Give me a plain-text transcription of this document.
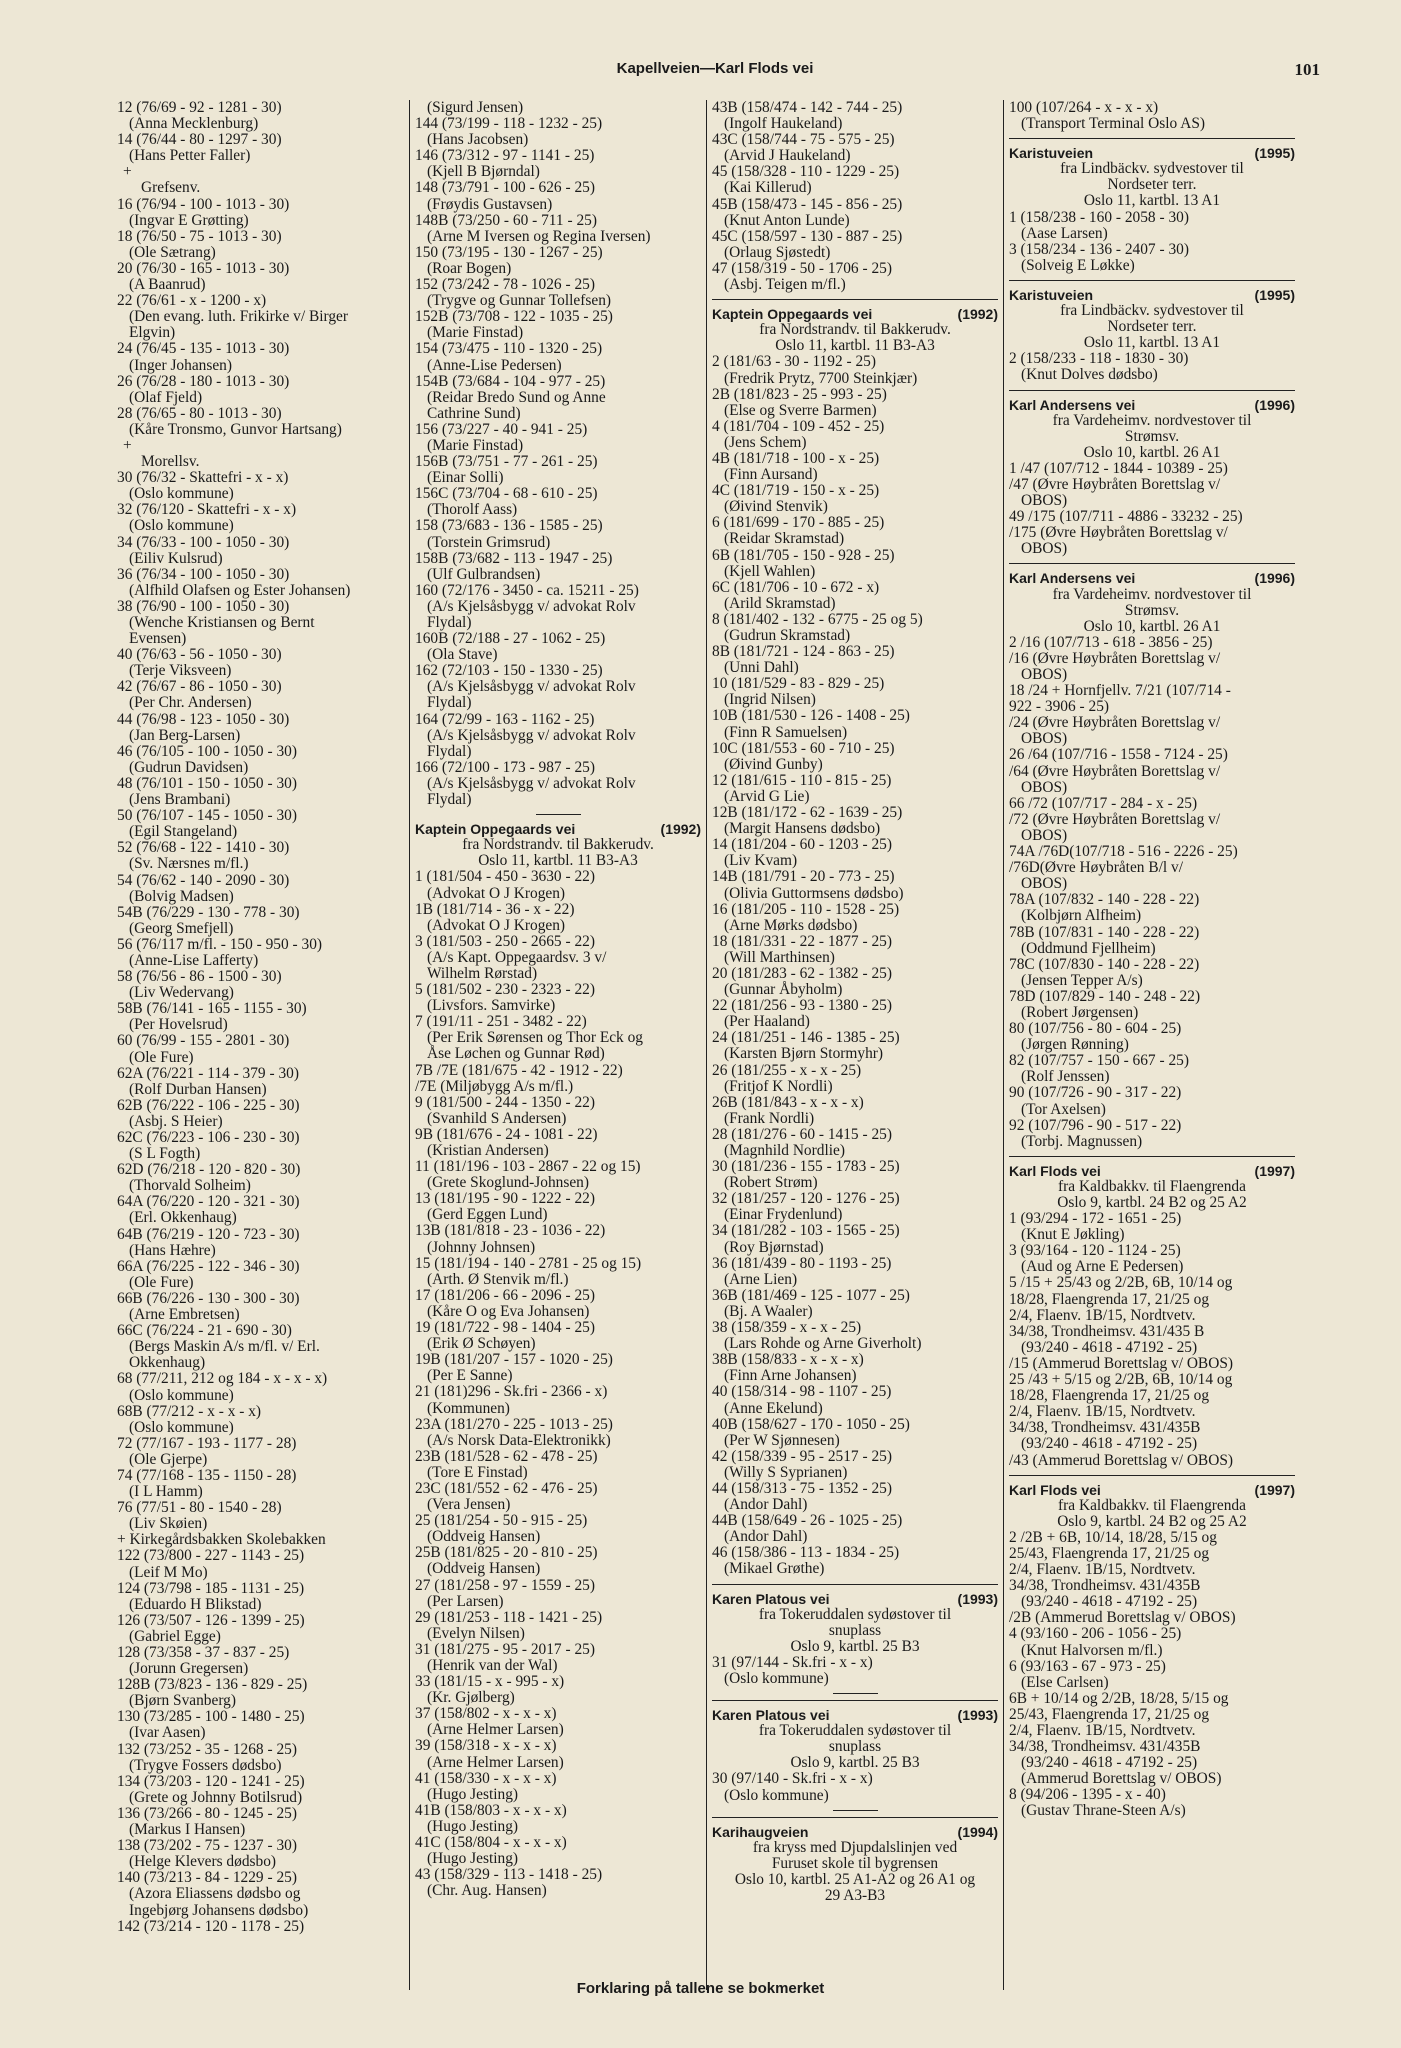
Kapellveien—Karl Flods vei	101
12 (76/69 - 92 - 1281 - 30)
(Anna Mecklenburg)
14 (76/44 - 80 - 1297 - 30)
(Hans Petter Faller)
+
Grefsenv.
16 (76/94 - 100 - 1013 - 30)
(Ingvar E Grøtting)
18 (76/50 - 75 - 1013 - 30)
(Ole Sætrang)
20 (76/30 - 165 - 1013 - 30)
(A Baanrud)
22 (76/61 - x - 1200 - x)
(Den evang. luth. Frikirke v/ Birger
Elgvin)
24 (76/45 - 135 - 1013 - 30)
(Inger Johansen)
26 (76/28 - 180 - 1013 - 30)
(Olaf Fjeld)
28 (76/65 - 80 - 1013 - 30)
(Kåre Tronsmo, Gunvor Hartsang)
+
Morellsv.
30 (76/32 - Skattefri - x - x)
(Oslo kommune)
32 (76/120 - Skattefri - x - x)
(Oslo kommune)
34 (76/33 - 100 - 1050 - 30)
(Eiliv Kulsrud)
36 (76/34 - 100 - 1050 - 30)
(Alfhild Olafsen og Ester Johansen)
38 (76/90 - 100 - 1050 - 30)
(Wenche Kristiansen og Bernt
Evensen)
40 (76/63 - 56 - 1050 - 30)
(Terje Viksveen)
42 (76/67 - 86 - 1050 - 30)
(Per Chr. Andersen)
44 (76/98 - 123 - 1050 - 30)
(Jan Berg-Larsen)
46 (76/105 - 100 - 1050 - 30)
(Gudrun Davidsen)
48 (76/101 - 150 - 1050 - 30)
(Jens Brambani)
50 (76/107 - 145 - 1050 - 30)
(Egil Stangeland)
52 (76/68 - 122 - 1410 - 30)
(Sv. Nærsnes m/fl.)
54 (76/62 - 140 - 2090 - 30)
(Bolvig Madsen)
54B (76/229 - 130 - 778 - 30)
(Georg Smefjell)
56 (76/117 m/fl. - 150 - 950 - 30)
(Anne-Lise Lafferty)
58 (76/56 - 86 - 1500 - 30)
(Liv Wedervang)
58B (76/141 - 165 - 1155 - 30)
(Per Hovelsrud)
60 (76/99 - 155 - 2801 - 30)
(Ole Fure)
62A (76/221 - 114 - 379 - 30)
(Rolf Durban Hansen)
62B (76/222 - 106 - 225 - 30)
(Asbj. S Heier)
62C (76/223 - 106 - 230 - 30)
(S L Fogth)
62D (76/218 - 120 - 820 - 30)
(Thorvald Solheim)
64A (76/220 - 120 - 321 - 30)
(Erl. Okkenhaug)
64B (76/219 - 120 - 723 - 30)
(Hans Hæhre)
66A (76/225 - 122 - 346 - 30)
(Ole Fure)
66B (76/226 - 130 - 300 - 30)
(Arne Embretsen)
66C (76/224 - 21 - 690 - 30)
(Bergs Maskin A/s m/fl. v/ Erl.
Okkenhaug)
68 (77/211, 212 og 184 - x - x - x)
(Oslo kommune)
68B (77/212 - x - x - x)
(Oslo kommune)
72 (77/167 - 193 - 1177 - 28)
(Ole Gjerpe)
74 (77/168 - 135 - 1150 - 28)
(I L Hamm)
76 (77/51 - 80 - 1540 - 28)
(Liv Skøien)
+ Kirkegårdsbakken Skolebakken
122 (73/800 - 227 - 1143 - 25)
(Leif M Mo)
124 (73/798 - 185 - 1131 - 25)
(Eduardo H Blikstad)
126 (73/507 - 126 - 1399 - 25)
(Gabriel Egge)
128 (73/358 - 37 - 837 - 25)
(Jorunn Gregersen)
128B (73/823 - 136 - 829 - 25)
(Bjørn Svanberg)
130 (73/285 - 100 - 1480 - 25)
(Ivar Aasen)
132 (73/252 - 35 - 1268 - 25)
(Trygve Fossers dødsbo)
134 (73/203 - 120 - 1241 - 25)
(Grete og Johnny Botilsrud)
136 (73/266 - 80 - 1245 - 25)
(Markus I Hansen)
138 (73/202 - 75 - 1237 - 30)
(Helge Klevers dødsbo)
140 (73/213 - 84 - 1229 - 25)
(Azora Eliassens dødsbo og
Ingebjørg Johansens dødsbo)
142 (73/214 - 120 - 1178 - 25)
(Sigurd Jensen)
144 (73/199 - 118 - 1232 - 25)
(Hans Jacobsen)
146 (73/312 - 97 - 1141 - 25)
(Kjell B Bjørndal)
148 (73/791 - 100 - 626 - 25)
(Frøydis Gustavsen)
148B (73/250 - 60 - 711 - 25)
(Arne M Iversen og Regina Iversen)
150 (73/195 - 130 - 1267 - 25)
(Roar Bogen)
152 (73/242 - 78 - 1026 - 25)
(Trygve og Gunnar Tollefsen)
152B (73/708 - 122 - 1035 - 25)
(Marie Finstad)
154 (73/475 - 110 - 1320 - 25)
(Anne-Lise Pedersen)
154B (73/684 - 104 - 977 - 25)
(Reidar Bredo Sund og Anne
Cathrine Sund)
156 (73/227 - 40 - 941 - 25)
(Marie Finstad)
156B (73/751 - 77 - 261 - 25)
(Einar Solli)
156C (73/704 - 68 - 610 - 25)
(Thorolf Aass)
158 (73/683 - 136 - 1585 - 25)
(Torstein Grimsrud)
158B (73/682 - 113 - 1947 - 25)
(Ulf Gulbrandsen)
160 (72/176 - 3450 - ca. 15211 - 25)
(A/s Kjelsåsbygg v/ advokat Rolv
Flydal)
160B (72/188 - 27 - 1062 - 25)
(Ola Stave)
162 (72/103 - 150 - 1330 - 25)
(A/s Kjelsåsbygg v/ advokat Rolv
Flydal)
164 (72/99 - 163 - 1162 - 25)
(A/s Kjelsåsbygg v/ advokat Rolv
Flydal)
166 (72/100 - 173 - 987 - 25)
(A/s Kjelsåsbygg v/ advokat Rolv
Flydal)
Kaptein Oppegaards vei	(1992)
fra Nordstrandv. til Bakkerudv.
Oslo 11, kartbl. 11 B3-A3
1 (181/504 - 450 - 3630 - 22)
(Advokat O J Krogen)
1B (181/714 - 36 - x - 22)
(Advokat O J Krogen)
3 (181/503 - 250 - 2665 - 22)
(A/s Kapt. Oppegaardsv. 3 v/
Wilhelm Rørstad)
5 (181/502 - 230 - 2323 - 22)
(Livsfors. Samvirke)
7 (191/11 - 251 - 3482 - 22)
(Per Erik Sørensen og Thor Eck og
Åse Løchen og Gunnar Rød)
7B /7E (181/675 - 42 - 1912 - 22)
/7E (Miljøbygg A/s m/fl.)
9 (181/500 - 244 - 1350 - 22)
(Svanhild S Andersen)
9B (181/676 - 24 - 1081 - 22)
(Kristian Andersen)
11 (181/196 - 103 - 2867 - 22 og 15)
(Grete Skoglund-Johnsen)
13 (181/195 - 90 - 1222 - 22)
(Gerd Eggen Lund)
13B (181/818 - 23 - 1036 - 22)
(Johnny Johnsen)
15 (181/194 - 140 - 2781 - 25 og 15)
(Arth. Ø Stenvik m/fl.)
17 (181/206 - 66 - 2096 - 25)
(Kåre O og Eva Johansen)
19 (181/722 - 98 - 1404 - 25)
(Erik Ø Schøyen)
19B (181/207 - 157 - 1020 - 25)
(Per E Sanne)
21 (181)296 - Sk.fri - 2366 - x)
(Kommunen)
23A (181/270 - 225 - 1013 - 25)
(A/s Norsk Data-Elektronikk)
23B (181/528 - 62 - 478 - 25)
(Tore E Finstad)
23C (181/552 - 62 - 476 - 25)
(Vera Jensen)
25 (181/254 - 50 - 915 - 25)
(Oddveig Hansen)
25B (181/825 - 20 - 810 - 25)
(Oddveig Hansen)
27 (181/258 - 97 - 1559 - 25)
(Per Larsen)
29 (181/253 - 118 - 1421 - 25)
(Evelyn Nilsen)
31 (181/275 - 95 - 2017 - 25)
(Henrik van der Wal)
33 (181/15 - x - 995 - x)
(Kr. Gjølberg)
37 (158/802 - x - x - x)
(Arne Helmer Larsen)
39 (158/318 - x - x - x)
(Arne Helmer Larsen)
41 (158/330 - x - x - x)
(Hugo Jesting)
41B (158/803 - x - x - x)
(Hugo Jesting)
41C (158/804 - x - x - x)
(Hugo Jesting)
43 (158/329 - 113 - 1418 - 25)
(Chr. Aug. Hansen)
43B (158/474 - 142 - 744 - 25)
(Ingolf Haukeland)
43C (158/744 - 75 - 575 - 25)
(Arvid J Haukeland)
45 (158/328 - 110 - 1229 - 25)
(Kai Killerud)
45B (158/473 - 145 - 856 - 25)
(Knut Anton Lunde)
45C (158/597 - 130 - 887 - 25)
(Orlaug Sjøstedt)
47 (158/319 - 50 - 1706 - 25)
(Asbj. Teigen m/fl.)
Kaptein Oppegaards vei	(1992)
fra Nordstrandv. til Bakkerudv.
Oslo 11, kartbl. 11 B3-A3
2 (181/63 - 30 - 1192 - 25)
(Fredrik Prytz, 7700 Steinkjær)
2B (181/823 - 25 - 993 - 25)
(Else og Sverre Barmen)
4 (181/704 - 109 - 452 - 25)
(Jens Schem)
4B (181/718 - 100 - x - 25)
(Finn Aursand)
4C (181/719 - 150 - x - 25)
(Øivind Stenvik)
6 (181/699 - 170 - 885 - 25)
(Reidar Skramstad)
6B (181/705 - 150 - 928 - 25)
(Kjell Wahlen)
6C (181/706 - 10 - 672 - x)
(Arild Skramstad)
8 (181/402 - 132 - 6775 - 25 og 5)
(Gudrun Skramstad)
8B (181/721 - 124 - 863 - 25)
(Unni Dahl)
10 (181/529 - 83 - 829 - 25)
(Ingrid Nilsen)
10B (181/530 - 126 - 1408 - 25)
(Finn R Samuelsen)
10C (181/553 - 60 - 710 - 25)
(Øivind Gunby)
12 (181/615 - 110 - 815 - 25)
(Arvid G Lie)
12B (181/172 - 62 - 1639 - 25)
(Margit Hansens dødsbo)
14 (181/204 - 60 - 1203 - 25)
(Liv Kvam)
14B (181/791 - 20 - 773 - 25)
(Olivia Guttormsens dødsbo)
16 (181/205 - 110 - 1528 - 25)
(Arne Mørks dødsbo)
18 (181/331 - 22 - 1877 - 25)
(Will Marthinsen)
20 (181/283 - 62 - 1382 - 25)
(Gunnar Åbyholm)
22 (181/256 - 93 - 1380 - 25)
(Per Haaland)
24 (181/251 - 146 - 1385 - 25)
(Karsten Bjørn Stormyhr)
26 (181/255 - x - x - 25)
(Fritjof K Nordli)
26B (181/843 - x - x - x)
(Frank Nordli)
28 (181/276 - 60 - 1415 - 25)
(Magnhild Nordlie)
30 (181/236 - 155 - 1783 - 25)
(Robert Strøm)
32 (181/257 - 120 - 1276 - 25)
(Einar Frydenlund)
34 (181/282 - 103 - 1565 - 25)
(Roy Bjørnstad)
36 (181/439 - 80 - 1193 - 25)
(Arne Lien)
36B (181/469 - 125 - 1077 - 25)
(Bj. A Waaler)
38 (158/359 - x - x - 25)
(Lars Rohde og Arne Giverholt)
38B (158/833 - x - x - x)
(Finn Arne Johansen)
40 (158/314 - 98 - 1107 - 25)
(Anne Ekelund)
40B (158/627 - 170 - 1050 - 25)
(Per W Sjønnesen)
42 (158/339 - 95 - 2517 - 25)
(Willy S Syprianen)
44 (158/313 - 75 - 1352 - 25)
(Andor Dahl)
44B (158/649 - 26 - 1025 - 25)
(Andor Dahl)
46 (158/386 - 113 - 1834 - 25)
(Mikael Grøthe)
Karen Platous vei	(1993)
fra Tokeruddalen sydøstover til
snuplass
Oslo 9, kartbl. 25 B3
31 (97/144 - Sk.fri - x - x)
(Oslo kommune)
Karen Platous vei	(1993)
fra Tokeruddalen sydøstover til
snuplass
Oslo 9, kartbl. 25 B3
30 (97/140 - Sk.fri - x - x)
(Oslo kommune)
Karihaugveien	(1994)
fra kryss med Djupdalslinjen ved
Furuset skole til bygrensen
Oslo 10, kartbl. 25 A1-A2 og 26 A1 og
29 A3-B3
100 (107/264 - x - x - x)
(Transport Terminal Oslo AS)
Karistuveien	(1995)
fra Lindbäckv. sydvestover til
Nordseter terr.
Oslo 11, kartbl. 13 A1
1 (158/238 - 160 - 2058 - 30)
(Aase Larsen)
3 (158/234 - 136 - 2407 - 30)
(Solveig E Løkke)
Karistuveien	(1995)
fra Lindbäckv. sydvestover til
Nordseter terr.
Oslo 11, kartbl. 13 A1
2 (158/233 - 118 - 1830 - 30)
(Knut Dolves dødsbo)
Karl Andersens vei	(1996)
fra Vardeheimv. nordvestover til
Strømsv.
Oslo 10, kartbl. 26 A1
1 /47 (107/712 - 1844 - 10389 - 25)
/47 (Øvre Høybråten Borettslag v/
OBOS)
49 /175 (107/711 - 4886 - 33232 - 25)
/175 (Øvre Høybråten Borettslag v/
OBOS)
Karl Andersens vei	(1996)
fra Vardeheimv. nordvestover til
Strømsv.
Oslo 10, kartbl. 26 A1
2 /16 (107/713 - 618 - 3856 - 25)
/16 (Øvre Høybråten Borettslag v/
OBOS)
18 /24 + Hornfjellv. 7/21 (107/714 -
922 - 3906 - 25)
/24 (Øvre Høybråten Borettslag v/
OBOS)
26 /64 (107/716 - 1558 - 7124 - 25)
/64 (Øvre Høybråten Borettslag v/
OBOS)
66 /72 (107/717 - 284 - x - 25)
/72 (Øvre Høybråten Borettslag v/
OBOS)
74A /76D(107/718 - 516 - 2226 - 25)
/76D(Øvre Høybråten B/l v/
OBOS)
78A (107/832 - 140 - 228 - 22)
(Kolbjørn Alfheim)
78B (107/831 - 140 - 228 - 22)
(Oddmund Fjellheim)
78C (107/830 - 140 - 228 - 22)
(Jensen Tepper A/s)
78D (107/829 - 140 - 248 - 22)
(Robert Jørgensen)
80 (107/756 - 80 - 604 - 25)
(Jørgen Rønning)
82 (107/757 - 150 - 667 - 25)
(Rolf Jenssen)
90 (107/726 - 90 - 317 - 22)
(Tor Axelsen)
92 (107/796 - 90 - 517 - 22)
(Torbj. Magnussen)
Karl Flods vei	(1997)
fra Kaldbakkv. til Flaengrenda
Oslo 9, kartbl. 24 B2 og 25 A2
1 (93/294 - 172 - 1651 - 25)
(Knut E Jøkling)
3 (93/164 - 120 - 1124 - 25)
(Aud og Arne E Pedersen)
5 /15 + 25/43 og 2/2B, 6B, 10/14 og
18/28, Flaengrenda 17, 21/25 og
2/4, Flaenv. 1B/15, Nordtvetv.
34/38, Trondheimsv. 431/435 B
(93/240 - 4618 - 47192 - 25)
/15 (Ammerud Borettslag v/ OBOS)
25 /43 + 5/15 og 2/2B, 6B, 10/14 og
18/28, Flaengrenda 17, 21/25 og
2/4, Flaenv. 1B/15, Nordtvetv.
34/38, Trondheimsv. 431/435B
(93/240 - 4618 - 47192 - 25)
/43 (Ammerud Borettslag v/ OBOS)
Karl Flods vei	(1997)
fra Kaldbakkv. til Flaengrenda
Oslo 9, kartbl. 24 B2 og 25 A2
2 /2B + 6B, 10/14, 18/28, 5/15 og
25/43, Flaengrenda 17, 21/25 og
2/4, Flaenv. 1B/15, Nordtvetv.
34/38, Trondheimsv. 431/435B
(93/240 - 4618 - 47192 - 25)
/2B (Ammerud Borettslag v/ OBOS)
4 (93/160 - 206 - 1056 - 25)
(Knut Halvorsen m/fl.)
6 (93/163 - 67 - 973 - 25)
(Else Carlsen)
6B + 10/14 og 2/2B, 18/28, 5/15 og
25/43, Flaengrenda 17, 21/25 og
2/4, Flaenv. 1B/15, Nordtvetv.
34/38, Trondheimsv. 431/435B
(93/240 - 4618 - 47192 - 25)
(Ammerud Borettslag v/ OBOS)
8 (94/206 - 1395 - x - 40)
(Gustav Thrane-Steen A/s)
Forklaring på tallene se bokmerket
